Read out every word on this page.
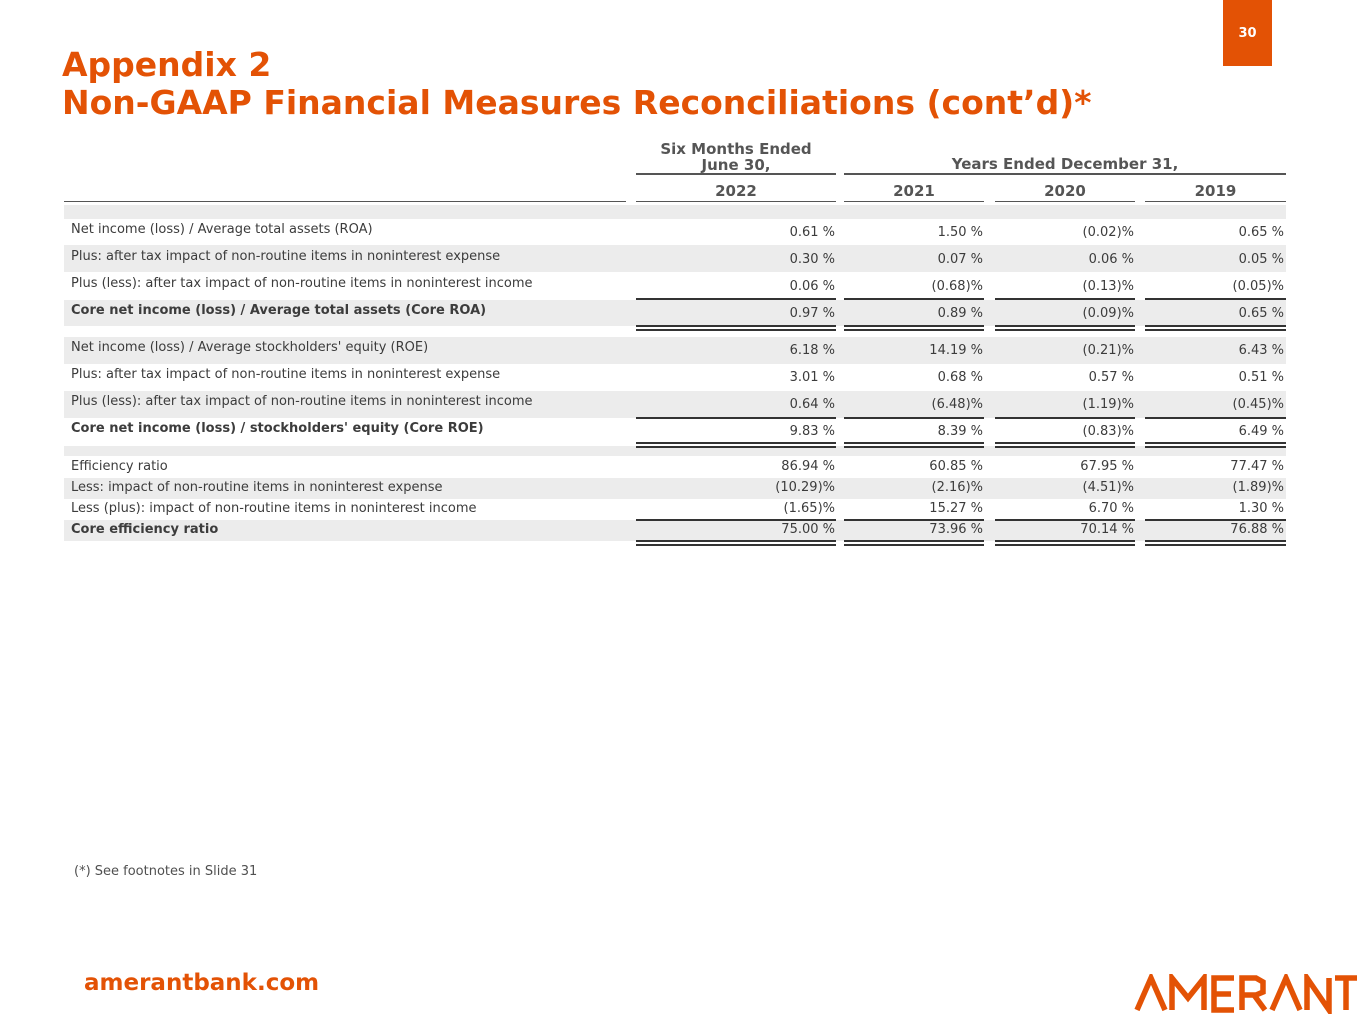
30
Appendix 2
Non-GAAP Financial Measures Reconciliations (cont’d)*
Six Months Ended
June 30,	Years Ended December 31,
2022	2021	2020	2019
Net income (loss) / Average total assets (ROA)	0.61 %	1.50 %	(0.02)%	0.65 %
Plus: after tax impact of non-routine items in noninterest expense	0.30 %	0.07 %	0.06 %	0.05 %
Plus (less): after tax impact of non-routine items in noninterest income	0.06 %	(0.68)%	(0.13)%	(0.05)%
Core net income (loss) / Average total assets (Core ROA)	0.97 %	0.89 %	(0.09)%	0.65 %
Net income (loss) / Average stockholders' equity (ROE)	6.18 %	14.19 %	(0.21)%	6.43 %
Plus: after tax impact of non-routine items in noninterest expense	3.01 %	0.68 %	0.57 %	0.51 %
Plus (less): after tax impact of non-routine items in noninterest income	0.64 %	(6.48)%	(1.19)%	(0.45)%
Core net income (loss) / stockholders' equity (Core ROE)	9.83 %	8.39 %	(0.83)%	6.49 %
Efficiency ratio	86.94 %	60.85 %	67.95 %	77.47 %
Less: impact of non-routine items in noninterest expense	(10.29)%	(2.16)%	(4.51)%	(1.89)%
Less (plus): impact of non-routine items in noninterest income	(1.65)%	15.27 %	6.70 %	1.30 %
Core efficiency ratio	75.00 %	73.96 %	70.14 %	76.88 %
(*) See footnotes in Slide 31
amerantbank.com
